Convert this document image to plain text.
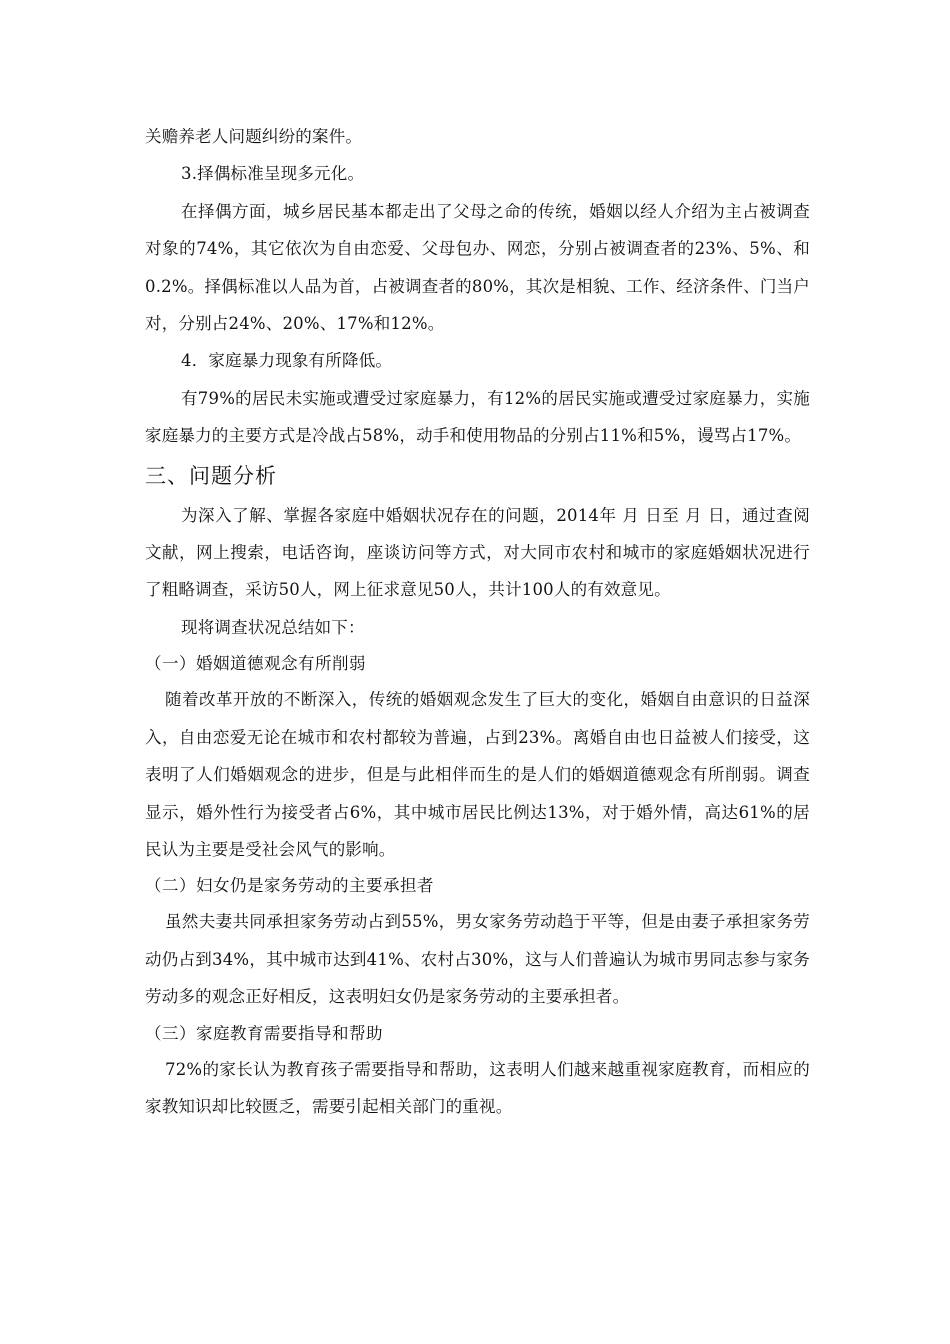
关赡养老人问题纠纷的案件。

3.择偶标准呈现多元化。

在择偶方面，城乡居民基本都走出了父母之命的传统，婚姻以经人介绍为主占被调查对象的74%，其它依次为自由恋爱、父母包办、网恋，分别占被调查者的23%、5%、和0.2%。择偶标准以人品为首，占被调查者的80%，其次是相貌、工作、经济条件、门当户对，分别占24%、20%、17%和12%。

4．家庭暴力现象有所降低。

有79%的居民未实施或遭受过家庭暴力，有12%的居民实施或遭受过家庭暴力，实施家庭暴力的主要方式是冷战占58%，动手和使用物品的分别占11%和5%，谩骂占17%。

三、问题分析

为深入了解、掌握各家庭中婚姻状况存在的问题，2014年 月 日至 月 日，通过查阅文献，网上搜索，电话咨询，座谈访问等方式，对大同市农村和城市的家庭婚姻状况进行了粗略调查，采访50人，网上征求意见50人，共计100人的有效意见。

现将调查状况总结如下：

（一）婚姻道德观念有所削弱

随着改革开放的不断深入，传统的婚姻观念发生了巨大的变化，婚姻自由意识的日益深入，自由恋爱无论在城市和农村都较为普遍，占到23%。离婚自由也日益被人们接受，这表明了人们婚姻观念的进步，但是与此相伴而生的是人们的婚姻道德观念有所削弱。调查显示，婚外性行为接受者占6%，其中城市居民比例达13%，对于婚外情，高达61%的居民认为主要是受社会风气的影响。

（二）妇女仍是家务劳动的主要承担者

虽然夫妻共同承担家务劳动占到55%，男女家务劳动趋于平等，但是由妻子承担家务劳动仍占到34%，其中城市达到41%、农村占30%，这与人们普遍认为城市男同志参与家务劳动多的观念正好相反，这表明妇女仍是家务劳动的主要承担者。

（三）家庭教育需要指导和帮助

72%的家长认为教育孩子需要指导和帮助，这表明人们越来越重视家庭教育，而相应的家教知识却比较匮乏，需要引起相关部门的重视。
